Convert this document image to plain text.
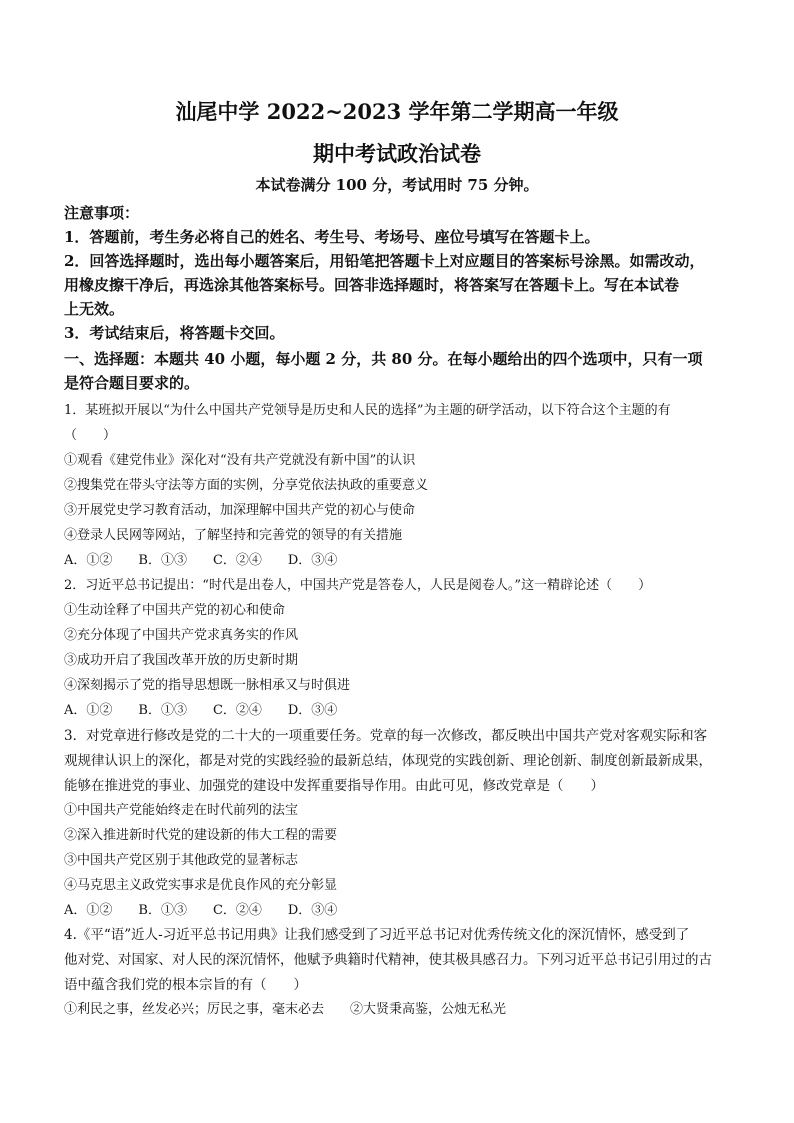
汕尾中学 2022~2023 学年第二学期高一年级
期中考试政治试卷
本试卷满分 100 分，考试用时 75 分钟。
注意事项：
1．答题前，考生务必将自己的姓名、考生号、考场号、座位号填写在答题卡上。
2．回答选择题时，选出每小题答案后，用铅笔把答题卡上对应题目的答案标号涂黑。如需改动，
用橡皮擦干净后，再选涂其他答案标号。回答非选择题时，将答案写在答题卡上。写在本试卷
上无效。
3．考试结束后，将答题卡交回。
一、选择题：本题共 40 小题，每小题 2 分，共 80 分。在每小题给出的四个选项中，只有一项
是符合题目要求的。
1．某班拟开展以“为什么中国共产党领导是历史和人民的选择”为主题的研学活动，以下符合这个主题的有
（　　）
①观看《建党伟业》深化对“没有共产党就没有新中国”的认识
②搜集党在带头守法等方面的实例，分享党依法执政的重要意义
③开展党史学习教育活动，加深理解中国共产党的初心与使命
④登录人民网等网站，了解坚持和完善党的领导的有关措施
A．①②　　B．①③　　C．②④　　D．③④
2．习近平总书记提出：“时代是出卷人，中国共产党是答卷人，人民是阅卷人。”这一精辟论述（　　）
①生动诠释了中国共产党的初心和使命
②充分体现了中国共产党求真务实的作风
③成功开启了我国改革开放的历史新时期
④深刻揭示了党的指导思想既一脉相承又与时俱进
A．①②　　B．①③　　C．②④　　D．③④
3．对党章进行修改是党的二十大的一项重要任务。党章的每一次修改，都反映出中国共产党对客观实际和客
观规律认识上的深化，都是对党的实践经验的最新总结，体现党的实践创新、理论创新、制度创新最新成果，
能够在推进党的事业、加强党的建设中发挥重要指导作用。由此可见，修改党章是（　　）
①中国共产党能始终走在时代前列的法宝
②深入推进新时代党的建设新的伟大工程的需要
③中国共产党区别于其他政党的显著标志
④马克思主义政党实事求是优良作风的充分彰显
A．①②　　B．①③　　C．②④　　D．③④
4.《平“语”近人-习近平总书记用典》让我们感受到了习近平总书记对优秀传统文化的深沉情怀，感受到了
他对党、对国家、对人民的深沉情怀，他赋予典籍时代精神，使其极具感召力。下列习近平总书记引用过的古
语中蕴含我们党的根本宗旨的有（　　）
①利民之事，丝发必兴；厉民之事，毫末必去　　②大贤秉高鉴，公烛无私光
